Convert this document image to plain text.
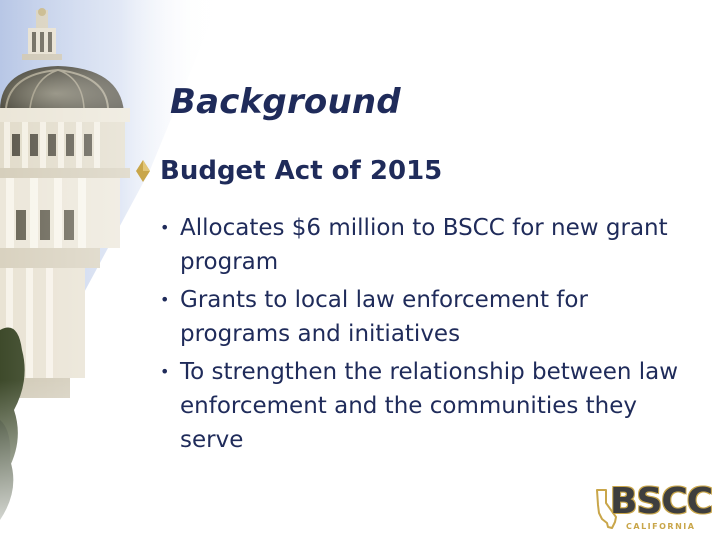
Background
Budget Act of 2015
• Allocates $6 million to BSCC for new grant program
• Grants to local law enforcement for programs and initiatives
• To strengthen the relationship between law enforcement and the communities they serve
BSCC
CALIFORNIA
